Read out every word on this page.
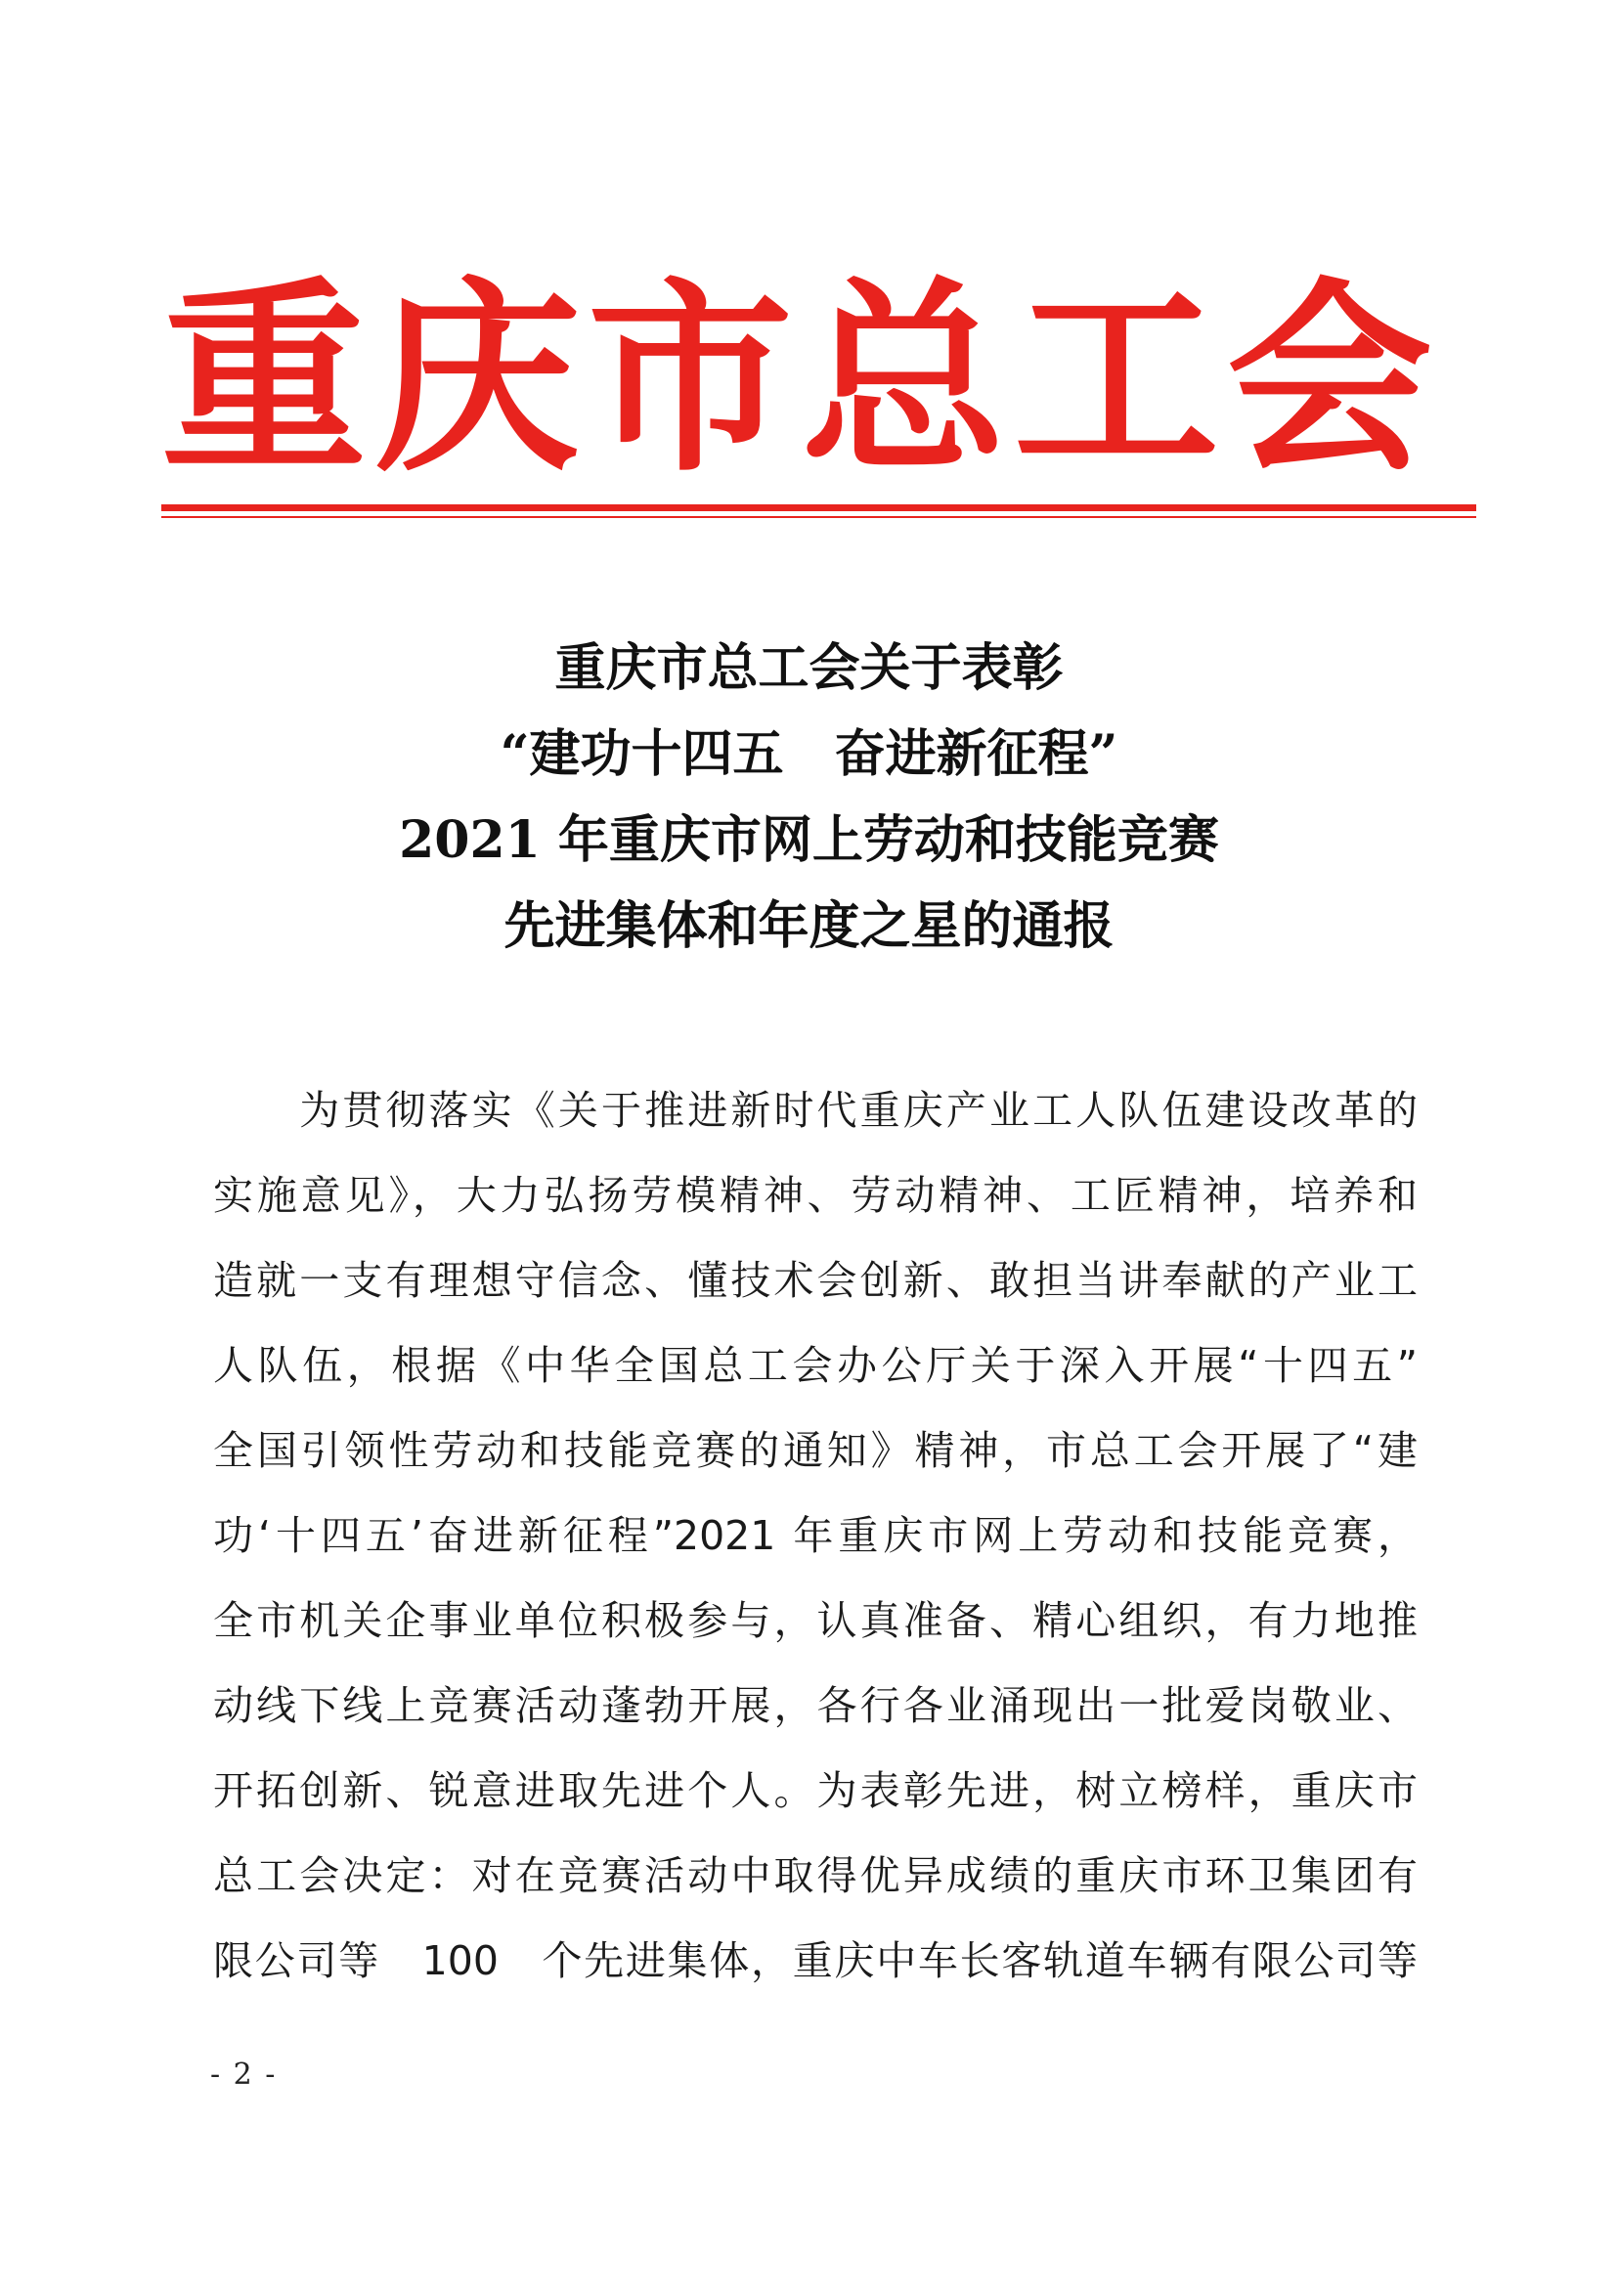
重 庆 市 总 工 会
重庆市总工会关于表彰
“建功十四五　奋进新征程”
2021 年重庆市网上劳动和技能竞赛
先进集体和年度之星的通报
　　为贯彻落实《关于推进新时代重庆产业工人队伍建设改革的
实施意见》，大力弘扬劳模精神、劳动精神、工匠精神，培养和
造就一支有理想守信念、懂技术会创新、敢担当讲奉献的产业工
人队伍，根据《中华全国总工会办公厅关于深入开展“十四五”
全国引领性劳动和技能竞赛的通知》精神，市总工会开展了“建
功‘十四五’奋进新征程”2021 年重庆市网上劳动和技能竞赛，
全市机关企事业单位积极参与，认真准备、精心组织，有力地推
动线下线上竞赛活动蓬勃开展，各行各业涌现出一批爱岗敬业、
开拓创新、锐意进取先进个人。为表彰先进，树立榜样，重庆市
总工会决定：对在竞赛活动中取得优异成绩的重庆市环卫集团有
限公司等　100　个先进集体，重庆中车长客轨道车辆有限公司等
- 2 -
